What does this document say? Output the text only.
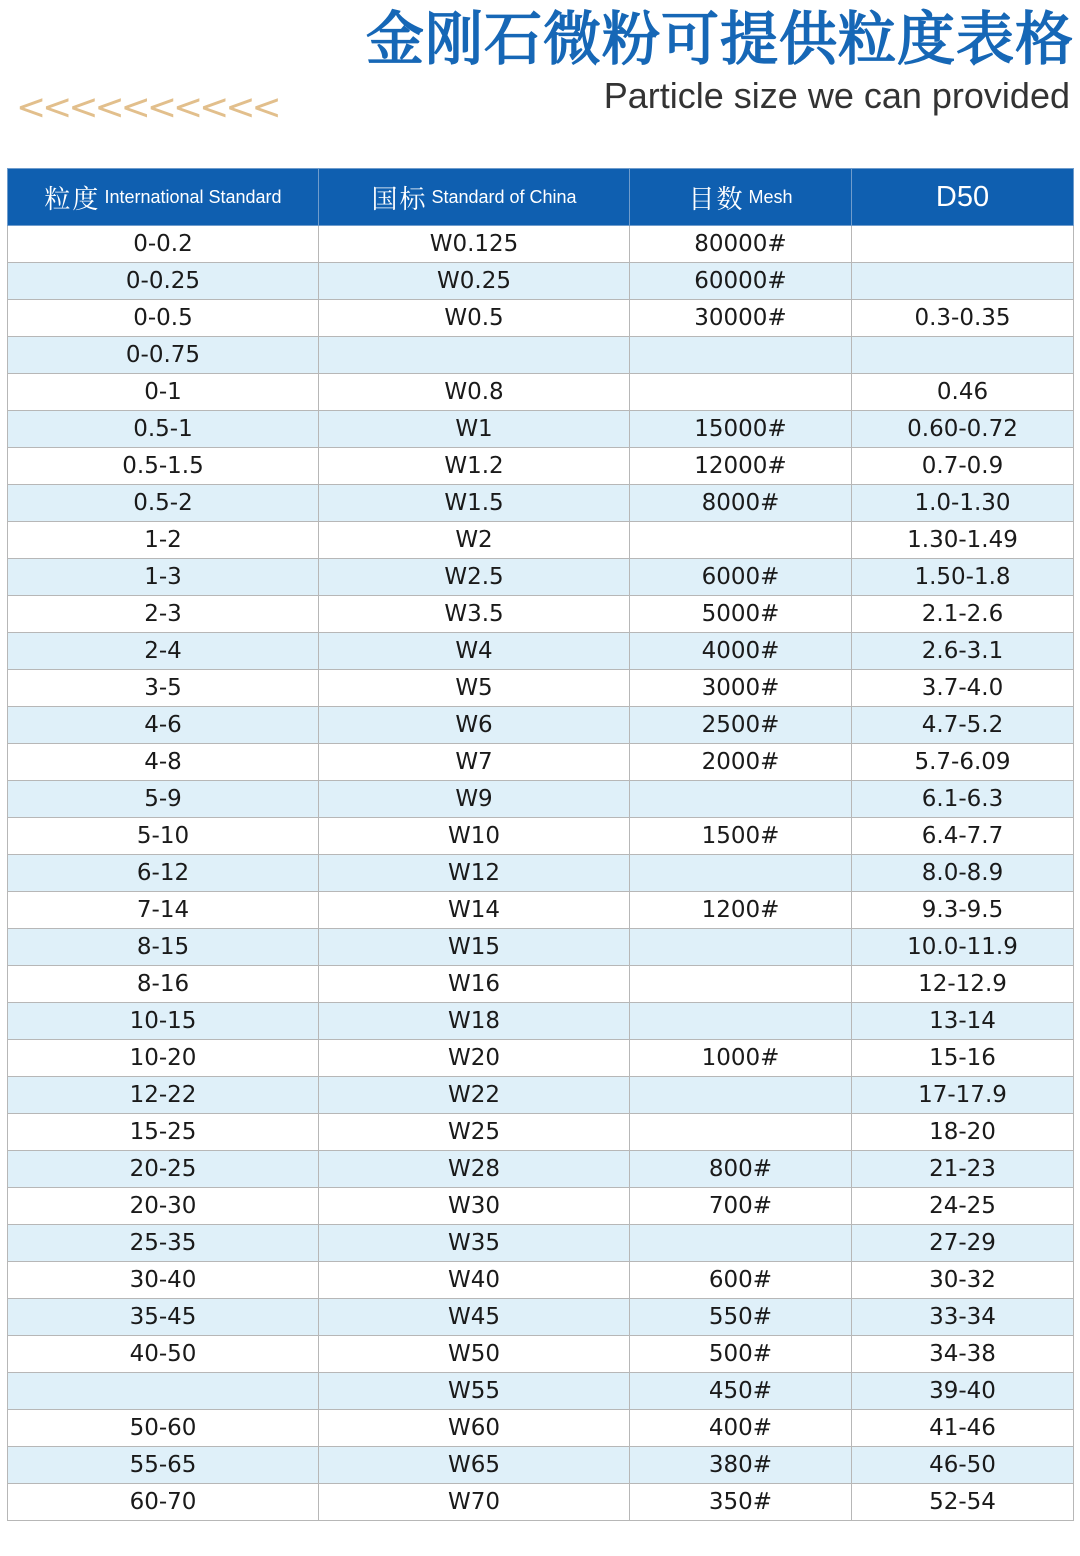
金刚石微粉可提供粒度表格
Particle size we can provided
<<<<<<<<<<
粒度 International Standard	国标 Standard of China	目数 Mesh	D50
0-0.2	W0.125	80000#	
0-0.25	W0.25	60000#	
0-0.5	W0.5	30000#	0.3-0.35
0-0.75			
0-1	W0.8		0.46
0.5-1	W1	15000#	0.60-0.72
0.5-1.5	W1.2	12000#	0.7-0.9
0.5-2	W1.5	8000#	1.0-1.30
1-2	W2		1.30-1.49
1-3	W2.5	6000#	1.50-1.8
2-3	W3.5	5000#	2.1-2.6
2-4	W4	4000#	2.6-3.1
3-5	W5	3000#	3.7-4.0
4-6	W6	2500#	4.7-5.2
4-8	W7	2000#	5.7-6.09
5-9	W9		6.1-6.3
5-10	W10	1500#	6.4-7.7
6-12	W12		8.0-8.9
7-14	W14	1200#	9.3-9.5
8-15	W15		10.0-11.9
8-16	W16		12-12.9
10-15	W18		13-14
10-20	W20	1000#	15-16
12-22	W22		17-17.9
15-25	W25		18-20
20-25	W28	800#	21-23
20-30	W30	700#	24-25
25-35	W35		27-29
30-40	W40	600#	30-32
35-45	W45	550#	33-34
40-50	W50	500#	34-38
	W55	450#	39-40
50-60	W60	400#	41-46
55-65	W65	380#	46-50
60-70	W70	350#	52-54
